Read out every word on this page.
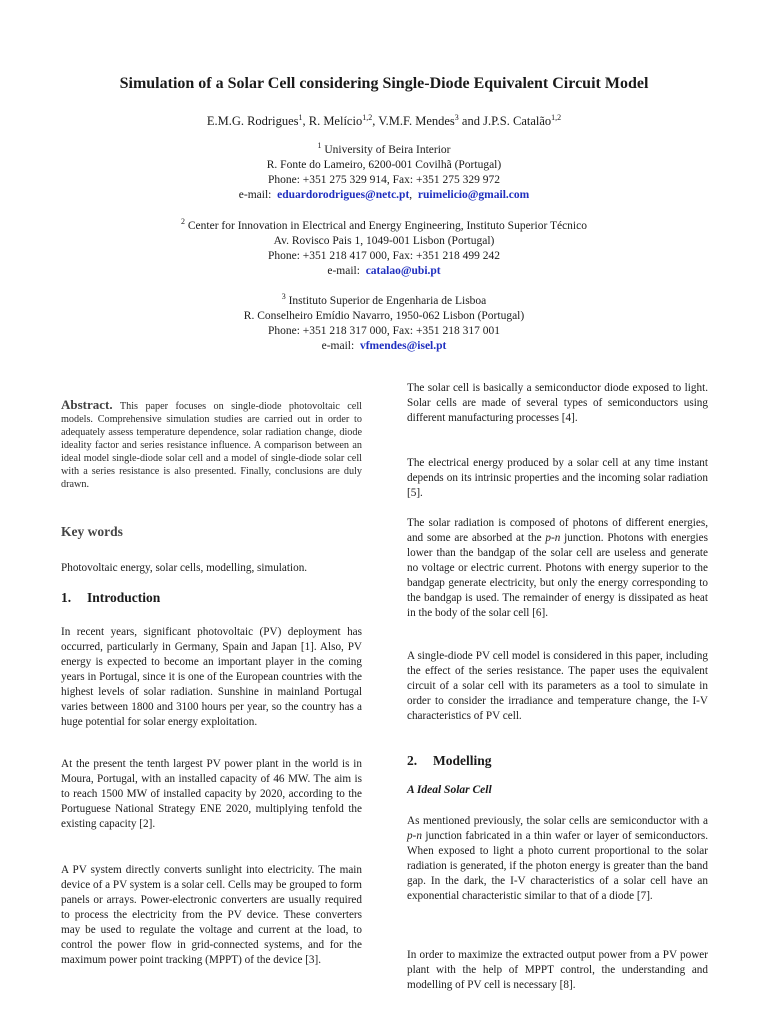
Simulation of a Solar Cell considering Single-Diode Equivalent Circuit Model
E.M.G. Rodrigues$^1$, R. Melício$^{1,2}$, V.M.F. Mendes$^3$ and J.P.S. Catalão$^{1,2}$
$^1$ University of Beira Interior
R. Fonte do Lameiro, 6200-001 Covilhã (Portugal)
Phone: +351 275 329 914, Fax: +351 275 329 972
e-mail: eduardorodrigues@netc.pt,  ruimelicio@gmail.com
$^2$ Center for Innovation in Electrical and Energy Engineering, Instituto Superior Técnico
Av. Rovisco Pais 1, 1049-001 Lisbon (Portugal)
Phone: +351 218 417 000, Fax: +351 218 499 242
e-mail: catalao@ubi.pt
$^3$ Instituto Superior de Engenharia de Lisboa
R. Conselheiro Emídio Navarro, 1950-062 Lisbon (Portugal)
Phone: +351 218 317 000, Fax: +351 218 317 001
e-mail: vfmendes@isel.pt
Abstract. This paper focuses on single-diode photovoltaic cell models. Comprehensive simulation studies are carried out in order to adequately assess temperature dependence, solar radiation change, diode ideality factor and series resistance influence. A comparison between an ideal model single-diode solar cell and a model of single-diode solar cell with a series resistance is also presented. Finally, conclusions are duly drawn.
Key words
Photovoltaic energy, solar cells, modelling, simulation.
1. Introduction

In recent years, significant photovoltaic (PV) deployment has occurred, particularly in Germany, Spain and Japan [1]. Also, PV energy is expected to become an important player in the coming years in Portugal, since it is one of the European countries with the highest levels of solar radiation. Sunshine in mainland Portugal varies between 1800 and 3100 hours per year, so the country has a huge potential for solar energy exploitation.

At the present the tenth largest PV power plant in the world is in Moura, Portugal, with an installed capacity of 46 MW. The aim is to reach 1500 MW of installed capacity by 2020, according to the Portuguese National Strategy ENE 2020, multiplying tenfold the existing capacity [2].

A PV system directly converts sunlight into electricity. The main device of a PV system is a solar cell. Cells may be grouped to form panels or arrays. Power-electronic converters are usually required to process the electricity from the PV device. These converters may be used to regulate the voltage and current at the load, to control the power flow in grid-connected systems, and for the maximum power point tracking (MPPT) of the device [3].

The solar cell is basically a semiconductor diode exposed to light. Solar cells are made of several types of semiconductors using different manufacturing processes [4].

The electrical energy produced by a solar cell at any time instant depends on its intrinsic properties and the incoming solar radiation [5].

The solar radiation is composed of photons of different energies, and some are absorbed at the p-n junction. Photons with energies lower than the bandgap of the solar cell are useless and generate no voltage or electric current. Photons with energy superior to the bandgap generate electricity, but only the energy corresponding to the bandgap is used. The remainder of energy is dissipated as heat in the body of the solar cell [6].

A single-diode PV cell model is considered in this paper, including the effect of the series resistance. The paper uses the equivalent circuit of a solar cell with its parameters as a tool to simulate in order to consider the irradiance and temperature change, the I-V characteristics of PV cell.

2. Modelling
A Ideal Solar Cell

As mentioned previously, the solar cells are semiconductor with a p-n junction fabricated in a thin wafer or layer of semiconductors. When exposed to light a photo current proportional to the solar radiation is generated, if the photon energy is greater than the band gap. In the dark, the I-V characteristics of a solar cell have an exponential characteristic similar to that of a diode [7].

In order to maximize the extracted output power from a PV power plant with the help of MPPT control, the understanding and modelling of PV cell is necessary [8].
